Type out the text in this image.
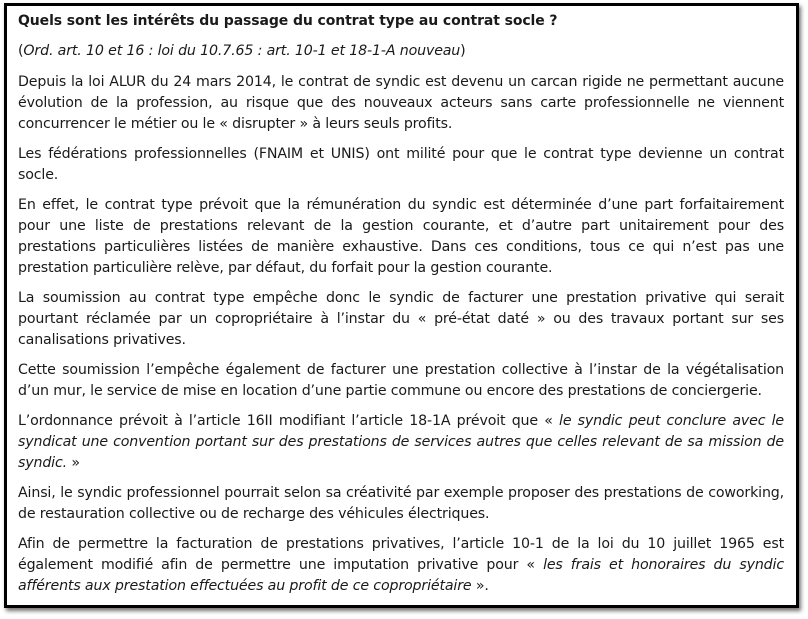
Quels sont les intérêts du passage du contrat type au contrat socle ?

(Ord. art. 10 et 16 : loi du 10.7.65 : art. 10-1 et 18-1-A nouveau)

Depuis la loi ALUR du 24 mars 2014, le contrat de syndic est devenu un carcan rigide ne permettant aucune évolution de la profession, au risque que des nouveaux acteurs sans carte professionnelle ne viennent concurrencer le métier ou le « disrupter » à leurs seuls profits.

Les fédérations professionnelles (FNAIM et UNIS) ont milité pour que le contrat type devienne un contrat socle.

En effet, le contrat type prévoit que la rémunération du syndic est déterminée d’une part forfaitairement pour une liste de prestations relevant de la gestion courante, et d’autre part unitairement pour des prestations particulières listées de manière exhaustive. Dans ces conditions, tous ce qui n’est pas une prestation particulière relève, par défaut, du forfait pour la gestion courante.

La soumission au contrat type empêche donc le syndic de facturer une prestation privative qui serait pourtant réclamée par un copropriétaire à l’instar du « pré-état daté » ou des travaux portant sur ses canalisations privatives.

Cette soumission l’empêche également de facturer une prestation collective à l’instar de la végétalisation d’un mur, le service de mise en location d’une partie commune ou encore des prestations de conciergerie.

L’ordonnance prévoit à l’article 16II modifiant l’article 18-1A prévoit que « le syndic peut conclure avec le syndicat une convention portant sur des prestations de services autres que celles relevant de sa mission de syndic. »

Ainsi, le syndic professionnel pourrait selon sa créativité par exemple proposer des prestations de coworking, de restauration collective ou de recharge des véhicules électriques.

Afin de permettre la facturation de prestations privatives, l’article 10-1 de la loi du 10 juillet 1965 est également modifié afin de permettre une imputation privative pour « les frais et honoraires du syndic afférents aux prestation effectuées au profit de ce copropriétaire ».
